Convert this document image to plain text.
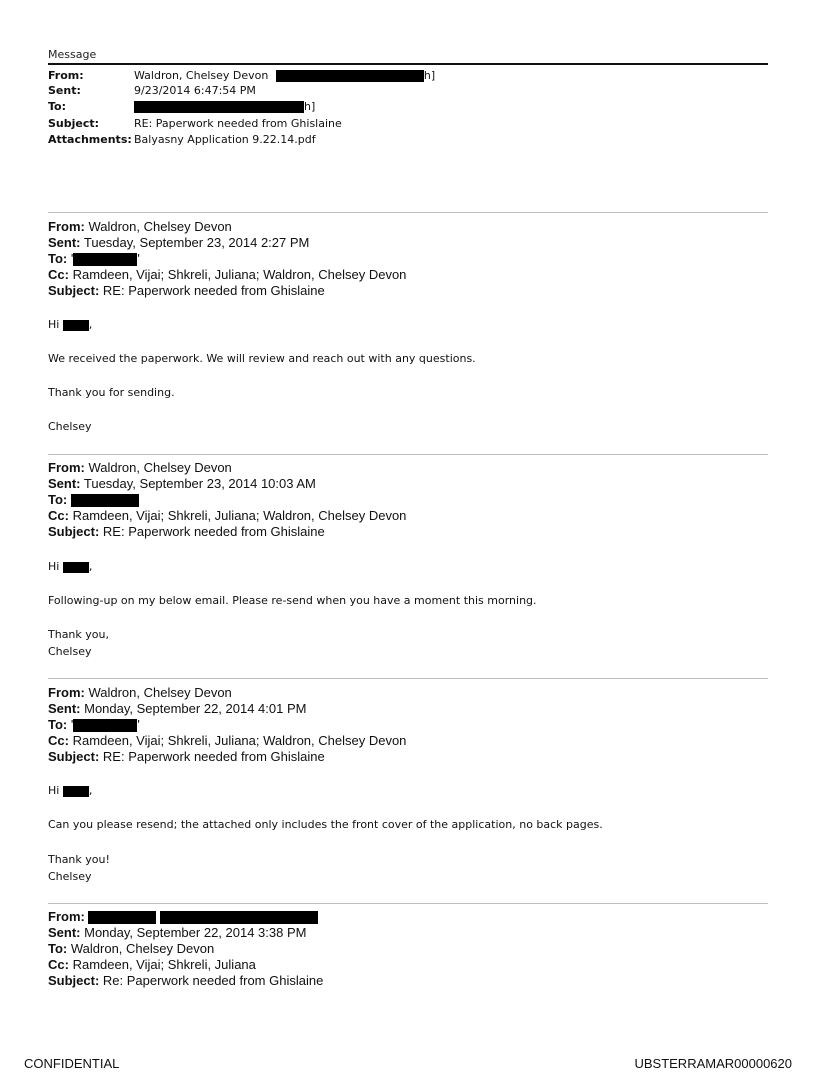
Message
From:	Waldron, Chelsey Devon	h]
Sent:	9/23/2014 6:47:54 PM
To:	h]
Subject:	RE: Paperwork needed from Ghislaine
Attachments: Balyasny Application 9.22.14.pdf
From: Waldron, Chelsey Devon
Sent: Tuesday, September 23, 2014 2:27 PM
To: '	'
Cc: Ramdeen, Vijai; Shkreli, Juliana; Waldron, Chelsey Devon
Subject: RE: Paperwork needed from Ghislaine
Hi	,
We received the paperwork. We will review and reach out with any questions.
Thank you for sending.
Chelsey
From: Waldron, Chelsey Devon
Sent: Tuesday, September 23, 2014 10:03 AM
To:
Cc: Ramdeen, Vijai; Shkreli, Juliana; Waldron, Chelsey Devon
Subject: RE: Paperwork needed from Ghislaine
Hi	,
Following-up on my below email. Please re-send when you have a moment this morning.
Thank you,
Chelsey
From: Waldron, Chelsey Devon
Sent: Monday, September 22, 2014 4:01 PM
To: '	'
Cc: Ramdeen, Vijai; Shkreli, Juliana; Waldron, Chelsey Devon
Subject: RE: Paperwork needed from Ghislaine
Hi	,
Can you please resend; the attached only includes the front cover of the application, no back pages.
Thank you!
Chelsey
From:
Sent: Monday, September 22, 2014 3:38 PM
To: Waldron, Chelsey Devon
Cc: Ramdeen, Vijai; Shkreli, Juliana
Subject: Re: Paperwork needed from Ghislaine
CONFIDENTIAL	UBSTERRAMAR00000620
